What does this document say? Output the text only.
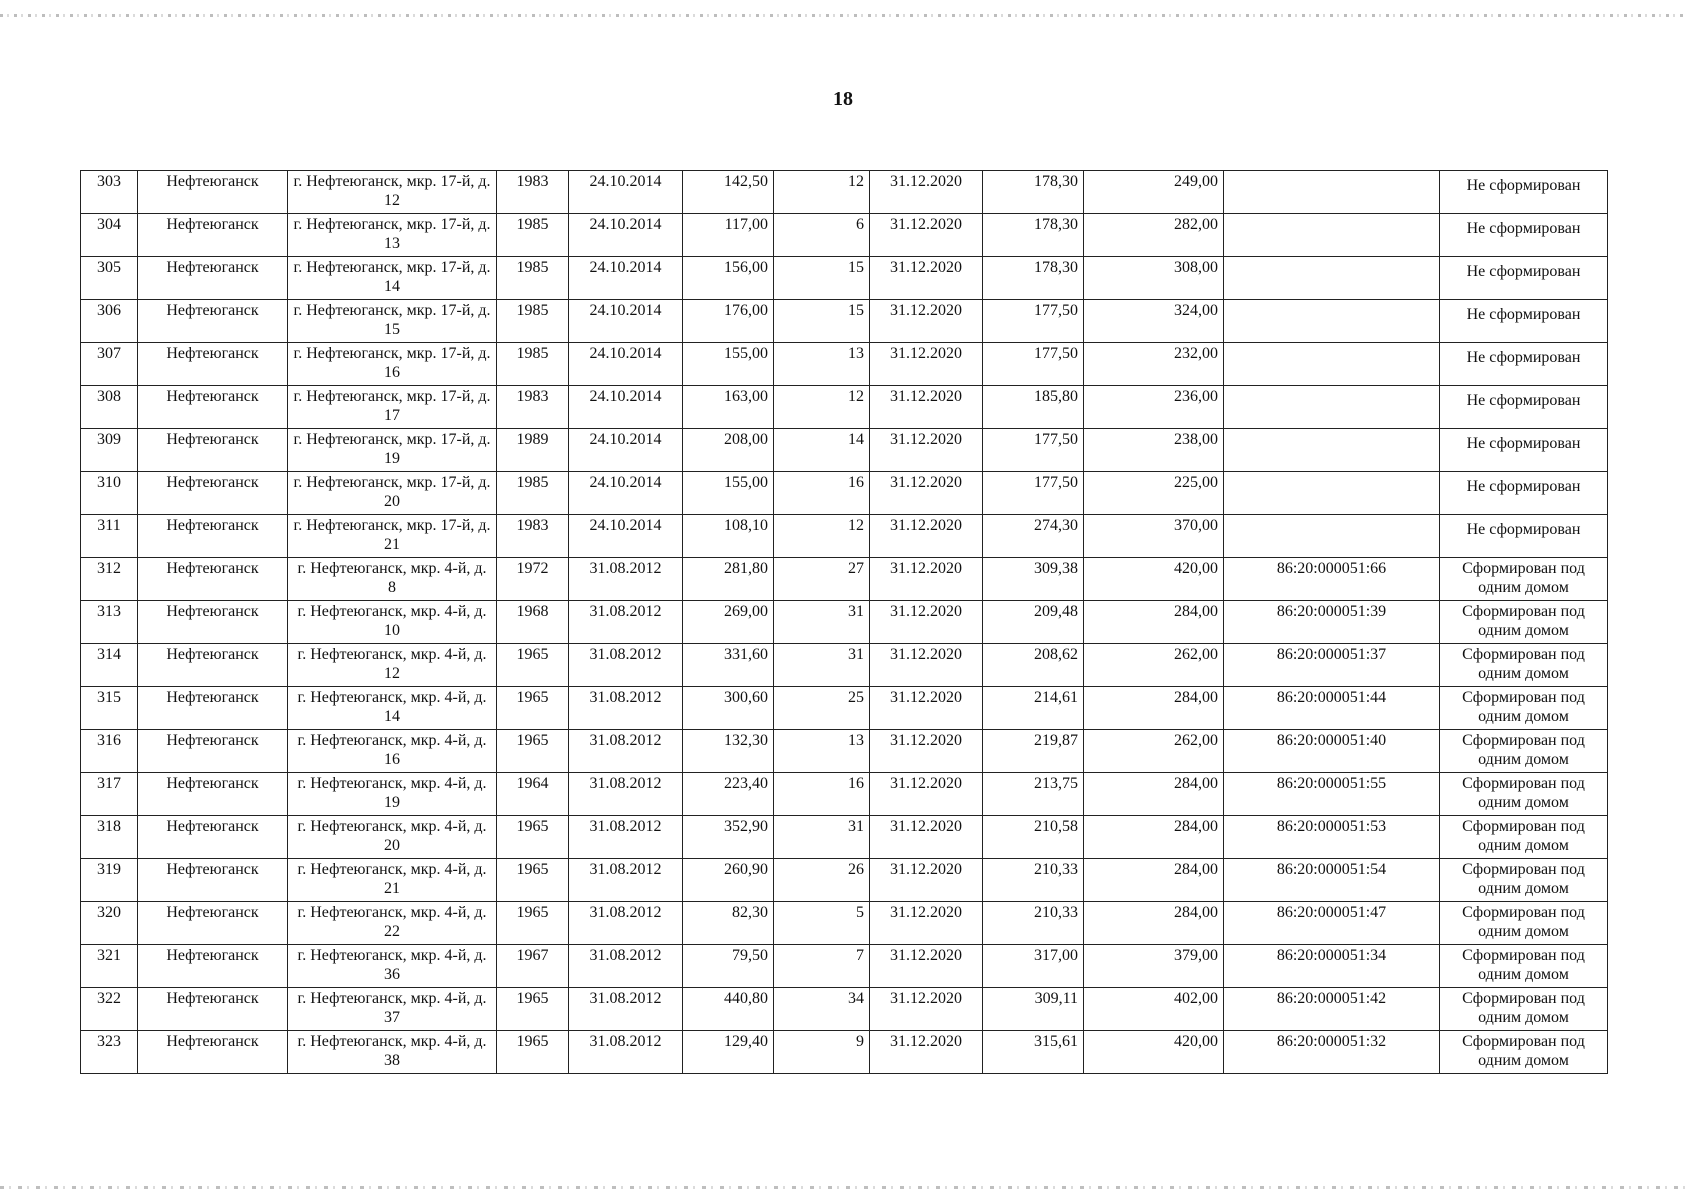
18
303	Нефтеюганск	г. Нефтеюганск, мкр. 17-й, д. 12	1983	24.10.2014	142,50	12	31.12.2020	178,30	249,00		Не сформирован
304	Нефтеюганск	г. Нефтеюганск, мкр. 17-й, д. 13	1985	24.10.2014	117,00	6	31.12.2020	178,30	282,00		Не сформирован
305	Нефтеюганск	г. Нефтеюганск, мкр. 17-й, д. 14	1985	24.10.2014	156,00	15	31.12.2020	178,30	308,00		Не сформирован
306	Нефтеюганск	г. Нефтеюганск, мкр. 17-й, д. 15	1985	24.10.2014	176,00	15	31.12.2020	177,50	324,00		Не сформирован
307	Нефтеюганск	г. Нефтеюганск, мкр. 17-й, д. 16	1985	24.10.2014	155,00	13	31.12.2020	177,50	232,00		Не сформирован
308	Нефтеюганск	г. Нефтеюганск, мкр. 17-й, д. 17	1983	24.10.2014	163,00	12	31.12.2020	185,80	236,00		Не сформирован
309	Нефтеюганск	г. Нефтеюганск, мкр. 17-й, д. 19	1989	24.10.2014	208,00	14	31.12.2020	177,50	238,00		Не сформирован
310	Нефтеюганск	г. Нефтеюганск, мкр. 17-й, д. 20	1985	24.10.2014	155,00	16	31.12.2020	177,50	225,00		Не сформирован
311	Нефтеюганск	г. Нефтеюганск, мкр. 17-й, д. 21	1983	24.10.2014	108,10	12	31.12.2020	274,30	370,00		Не сформирован
312	Нефтеюганск	г. Нефтеюганск, мкр. 4-й, д. 8	1972	31.08.2012	281,80	27	31.12.2020	309,38	420,00	86:20:000051:66	Сформирован под одним домом
313	Нефтеюганск	г. Нефтеюганск, мкр. 4-й, д. 10	1968	31.08.2012	269,00	31	31.12.2020	209,48	284,00	86:20:000051:39	Сформирован под одним домом
314	Нефтеюганск	г. Нефтеюганск, мкр. 4-й, д. 12	1965	31.08.2012	331,60	31	31.12.2020	208,62	262,00	86:20:000051:37	Сформирован под одним домом
315	Нефтеюганск	г. Нефтеюганск, мкр. 4-й, д. 14	1965	31.08.2012	300,60	25	31.12.2020	214,61	284,00	86:20:000051:44	Сформирован под одним домом
316	Нефтеюганск	г. Нефтеюганск, мкр. 4-й, д. 16	1965	31.08.2012	132,30	13	31.12.2020	219,87	262,00	86:20:000051:40	Сформирован под одним домом
317	Нефтеюганск	г. Нефтеюганск, мкр. 4-й, д. 19	1964	31.08.2012	223,40	16	31.12.2020	213,75	284,00	86:20:000051:55	Сформирован под одним домом
318	Нефтеюганск	г. Нефтеюганск, мкр. 4-й, д. 20	1965	31.08.2012	352,90	31	31.12.2020	210,58	284,00	86:20:000051:53	Сформирован под одним домом
319	Нефтеюганск	г. Нефтеюганск, мкр. 4-й, д. 21	1965	31.08.2012	260,90	26	31.12.2020	210,33	284,00	86:20:000051:54	Сформирован под одним домом
320	Нефтеюганск	г. Нефтеюганск, мкр. 4-й, д. 22	1965	31.08.2012	82,30	5	31.12.2020	210,33	284,00	86:20:000051:47	Сформирован под одним домом
321	Нефтеюганск	г. Нефтеюганск, мкр. 4-й, д. 36	1967	31.08.2012	79,50	7	31.12.2020	317,00	379,00	86:20:000051:34	Сформирован под одним домом
322	Нефтеюганск	г. Нефтеюганск, мкр. 4-й, д. 37	1965	31.08.2012	440,80	34	31.12.2020	309,11	402,00	86:20:000051:42	Сформирован под одним домом
323	Нефтеюганск	г. Нефтеюганск, мкр. 4-й, д. 38	1965	31.08.2012	129,40	9	31.12.2020	315,61	420,00	86:20:000051:32	Сформирован под одним домом
